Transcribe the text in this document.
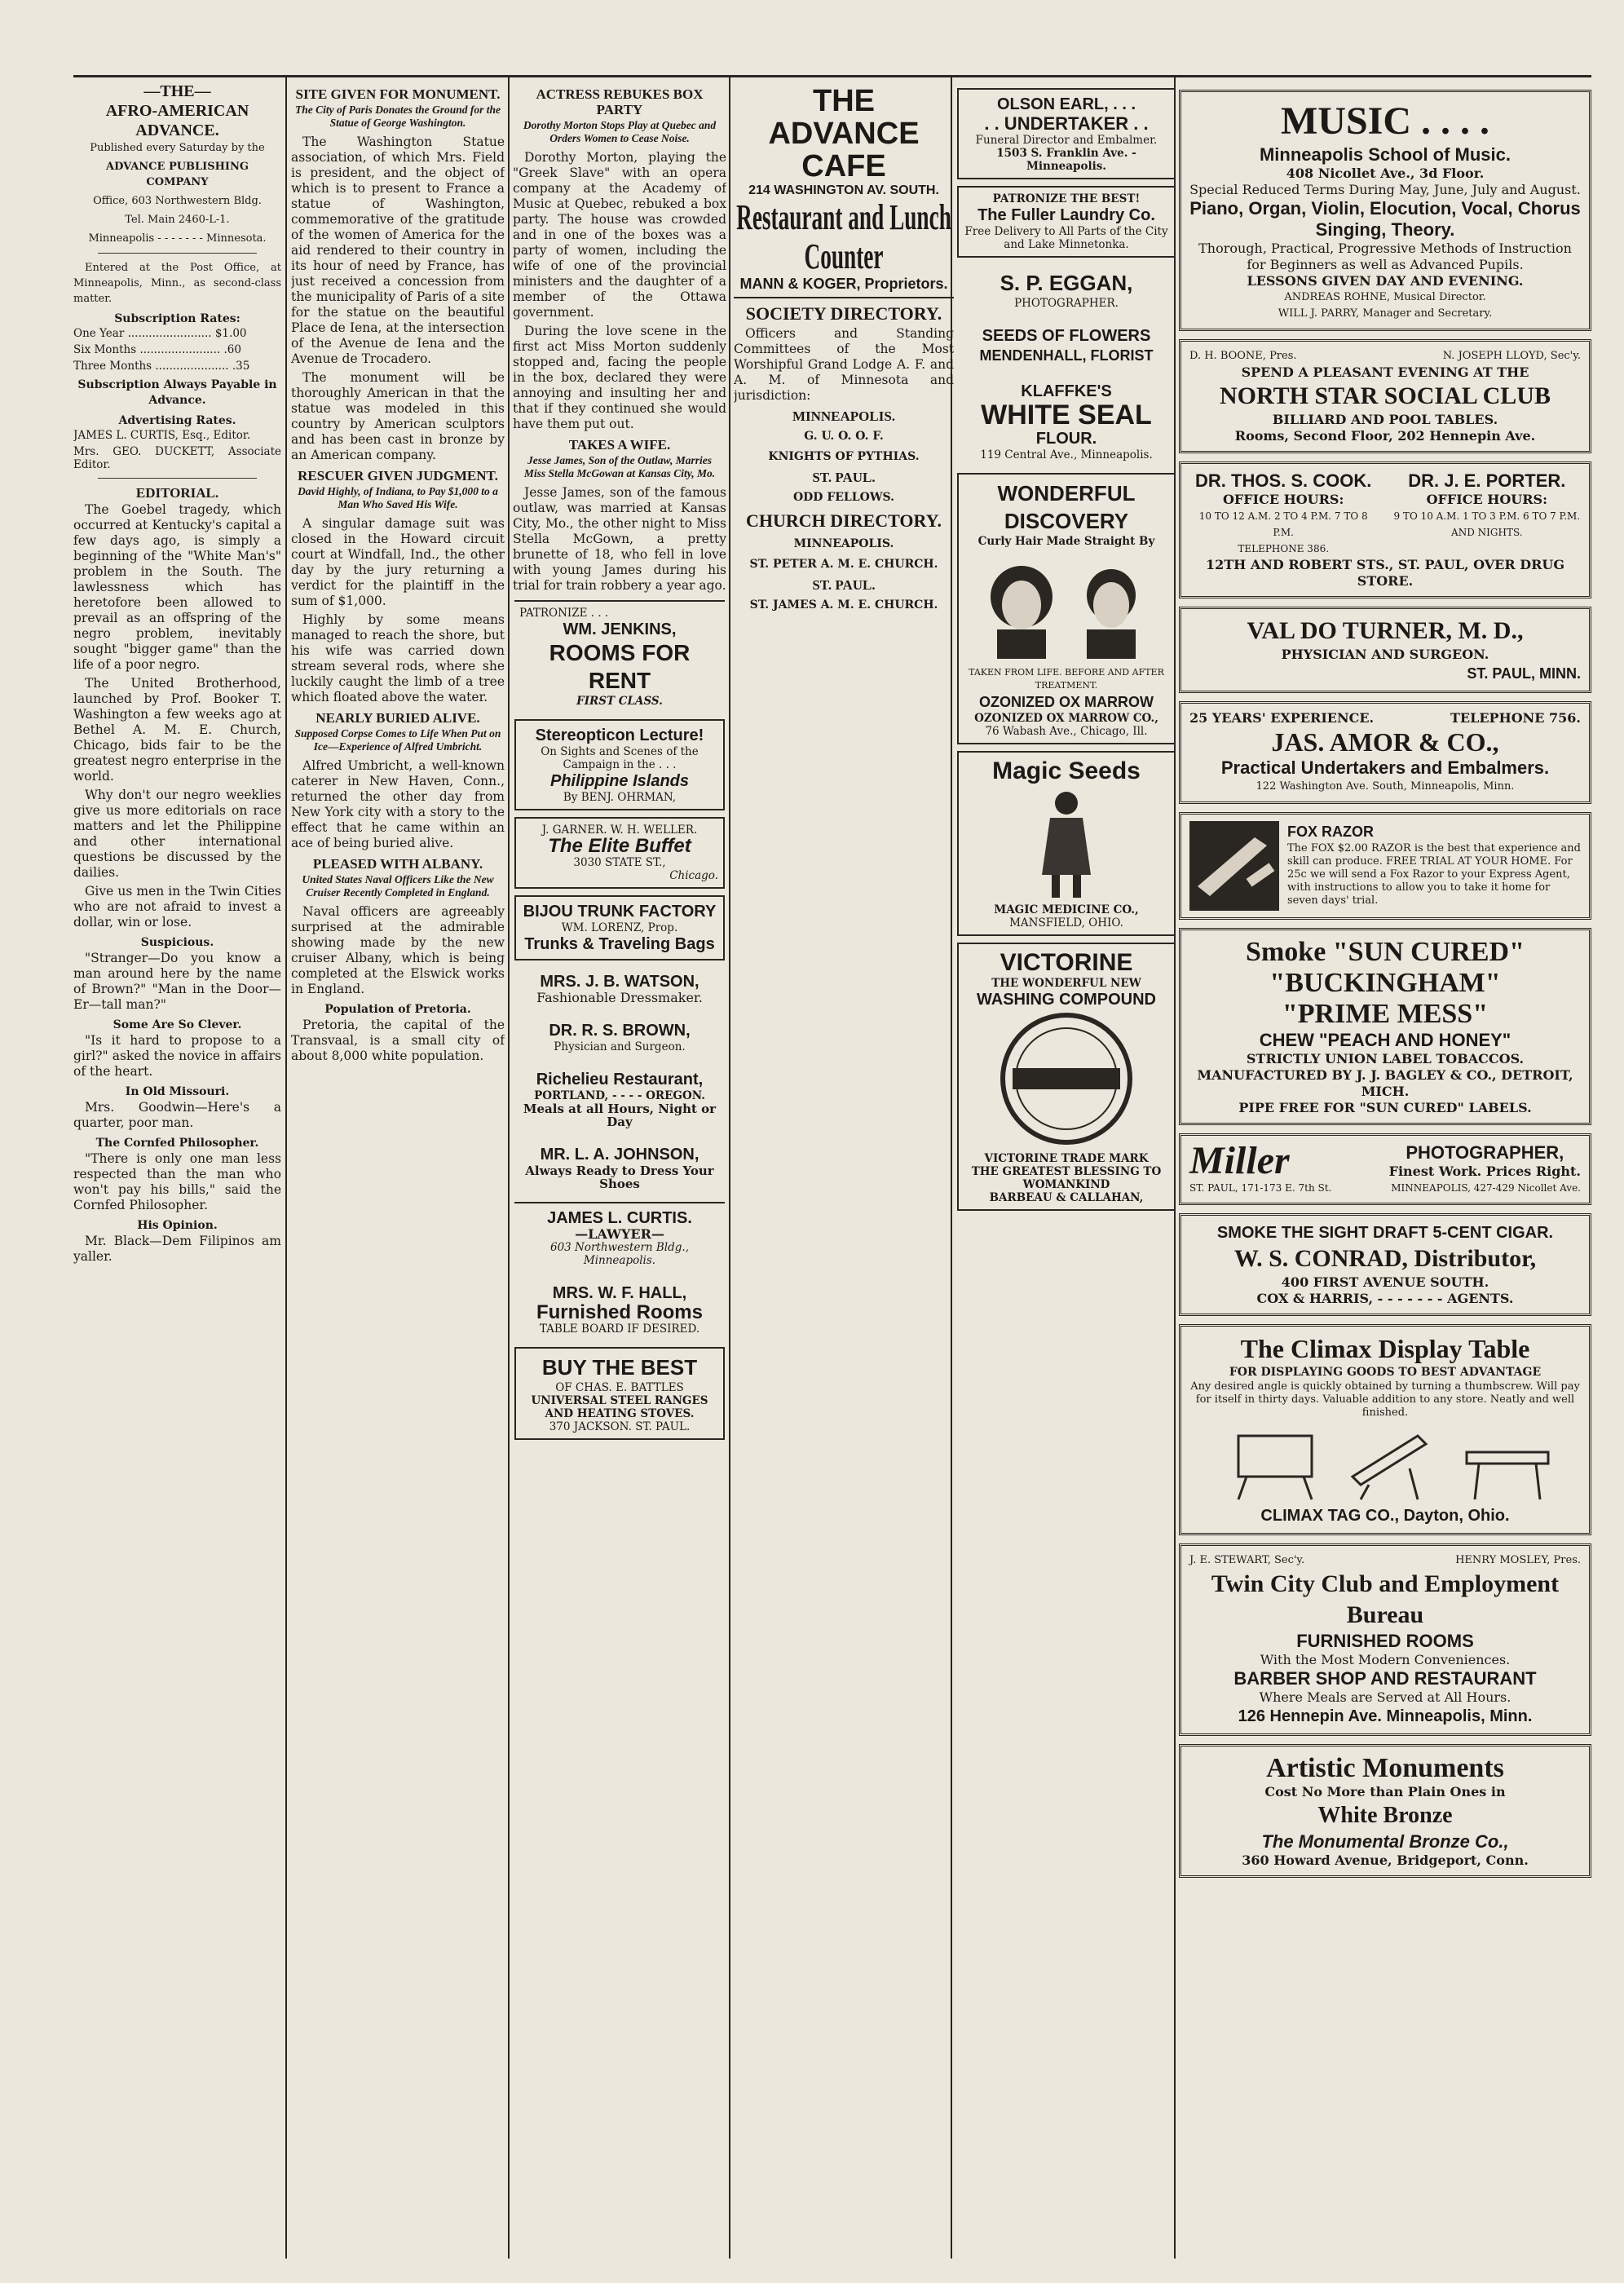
—THE—
AFRO-AMERICAN
ADVANCE.

Published every Saturday by the

ADVANCE PUBLISHING COMPANY

Office, 603 Northwestern Bldg.

Tel. Main 2460-L-1.

Minneapolis - - - - - - - Minnesota.

Entered at the Post Office, at Minneapolis, Minn., as second-class matter.

Subscription Rates:

One Year ........................ $1.00

Six Months ....................... .60

Three Months ..................... .35

Subscription Always Payable in Advance.
Advertising Rates.

JAMES L. CURTIS, Esq., Editor.

Mrs. GEO. DUCKETT, Associate Editor.

EDITORIAL.

The Goebel tragedy, which occurred at Kentucky's capital a few days ago, is simply a beginning of the "White Man's" problem in the South. The lawlessness which has heretofore been allowed to prevail as an offspring of the negro problem, inevitably sought "bigger game" than the life of a poor negro.

The United Brotherhood, launched by Prof. Booker T. Washington a few weeks ago at Bethel A. M. E. Church, Chicago, bids fair to be the greatest negro enterprise in the world.

Why don't our negro weeklies give us more editorials on race matters and let the Philippine and other international questions be discussed by the dailies.

Give us men in the Twin Cities who are not afraid to invest a dollar, win or lose.

Suspicious.

"Stranger—Do you know a man around here by the name of Brown?" "Man in the Door—Er—tall man?"

Some Are So Clever.

"Is it hard to propose to a girl?" asked the novice in affairs of the heart.

In Old Missouri.

Mrs. Goodwin—Here's a quarter, poor man.

The Cornfed Philosopher.

"There is only one man less respected than the man who won't pay his bills," said the Cornfed Philosopher.

His Opinion.

Mr. Black—Dem Filipinos am yaller.

SITE GIVEN FOR MONUMENT.
The City of Paris Donates the Ground for the Statue of George Washington.

The Washington Statue association, of which Mrs. Field is president, and the object of which is to present to France a statue of Washington, commemorative of the gratitude of the women of America for the aid rendered to their country in its hour of need by France, has just received a concession from the municipality of Paris of a site for the statue on the beautiful Place de Iena, at the intersection of the Avenue de Iena and the Avenue de Trocadero.

The monument will be thoroughly American in that the statue was modeled in this country by American sculptors and has been cast in bronze by an American company.

RESCUER GIVEN JUDGMENT.
David Highly, of Indiana, to Pay $1,000 to a Man Who Saved His Wife.

A singular damage suit was closed in the Howard circuit court at Windfall, Ind., the other day by the jury returning a verdict for the plaintiff in the sum of $1,000.

Highly by some means managed to reach the shore, but his wife was carried down stream several rods, where she luckily caught the limb of a tree which floated above the water.

NEARLY BURIED ALIVE.
Supposed Corpse Comes to Life When Put on Ice—Experience of Alfred Umbricht.

Alfred Umbricht, a well-known caterer in New Haven, Conn., returned the other day from New York city with a story to the effect that he came within an ace of being buried alive.

PLEASED WITH ALBANY.
United States Naval Officers Like the New Cruiser Recently Completed in England.

Naval officers are agreeably surprised at the admirable showing made by the new cruiser Albany, which is being completed at the Elswick works in England.

Population of Pretoria.

Pretoria, the capital of the Transvaal, is a small city of about 8,000 white population.

ACTRESS REBUKES BOX PARTY
Dorothy Morton Stops Play at Quebec and Orders Women to Cease Noise.

Dorothy Morton, playing the "Greek Slave" with an opera company at the Academy of Music at Quebec, rebuked a box party. The house was crowded and in one of the boxes was a party of women, including the wife of one of the provincial ministers and the daughter of a member of the Ottawa government.

During the love scene in the first act Miss Morton suddenly stopped and, facing the people in the box, declared they were annoying and insulting her and that if they continued she would have them put out.

TAKES A WIFE.
Jesse James, Son of the Outlaw, Marries Miss Stella McGowan at Kansas City, Mo.

Jesse James, son of the famous outlaw, was married at Kansas City, Mo., the other night to Miss Stella McGown, a pretty brunette of 18, who fell in love with young James during his trial for train robbery a year ago.

PATRONIZE . . .
WM. JENKINS,
ROOMS FOR RENT
FIRST CLASS.
Stereopticon Lecture!
On Sights and Scenes of the Campaign in the . . .
Philippine Islands
By BENJ. OHRMAN,
J. GARNER. W. H. WELLER.
The Elite Buffet
3030 STATE ST.,
Chicago.
BIJOU TRUNK FACTORY
WM. LORENZ, Prop.
Trunks & Traveling Bags
MRS. J. B. WATSON,
Fashionable Dressmaker.
DR. R. S. BROWN,
Physician and Surgeon.
Richelieu Restaurant,
PORTLAND, - - - - OREGON.
Meals at all Hours, Night or Day
MR. L. A. JOHNSON,
Always Ready to Dress Your Shoes
JAMES L. CURTIS.
—LAWYER—
603 Northwestern Bldg., Minneapolis.
MRS. W. F. HALL,
Furnished Rooms
TABLE BOARD IF DESIRED.
BUY THE BEST
OF CHAS. E. BATTLES
UNIVERSAL STEEL RANGES AND HEATING STOVES.
370 JACKSON. ST. PAUL.
THE ADVANCE CAFE
214 WASHINGTON AV. SOUTH.
Restaurant and Lunch Counter
MANN & KOGER, Proprietors.
SOCIETY DIRECTORY.

Officers and Standing Committees of the Most Worshipful Grand Lodge A. F. and A. M. of Minnesota and jurisdiction:

MINNEAPOLIS.
G. U. O. O. F.
KNIGHTS OF PYTHIAS.
ST. PAUL.
ODD FELLOWS.
CHURCH DIRECTORY.
MINNEAPOLIS.
ST. PETER A. M. E. CHURCH.
ST. PAUL.
ST. JAMES A. M. E. CHURCH.
OLSON EARL, . . .
. . UNDERTAKER . .
Funeral Director and Embalmer.
1503 S. Franklin Ave. - Minneapolis.
PATRONIZE THE BEST!
The Fuller Laundry Co.
Free Delivery to All Parts of the City and Lake Minnetonka.
S. P. EGGAN,
PHOTOGRAPHER.
SEEDS OF FLOWERS
MENDENHALL, FLORIST
KLAFFKE'S
WHITE SEAL
FLOUR.
119 Central Ave., Minneapolis.
WONDERFUL
DISCOVERY
Curly Hair Made Straight By
TAKEN FROM LIFE. BEFORE AND AFTER TREATMENT.
OZONIZED OX MARROW
OZONIZED OX MARROW CO.,
76 Wabash Ave., Chicago, Ill.
Magic Seeds
MAGIC MEDICINE CO.,
MANSFIELD, OHIO.
VICTORINE
THE WONDERFUL NEW
WASHING COMPOUND
VICTORINE TRADE MARK
THE GREATEST BLESSING TO WOMANKIND
BARBEAU & CALLAHAN,
MUSIC . . . .
Minneapolis School of Music.
408 Nicollet Ave., 3d Floor.
Special Reduced Terms During May, June, July and August.
Piano, Organ, Violin, Elocution, Vocal, Chorus Singing, Theory.
Thorough, Practical, Progressive Methods of Instruction for Beginners as well as Advanced Pupils.
LESSONS GIVEN DAY AND EVENING.
ANDREAS ROHNE, Musical Director.
WILL J. PARRY, Manager and Secretary.
D. H. BOONE, Pres.	N. JOSEPH LLOYD, Sec'y.
SPEND A PLEASANT EVENING AT THE
NORTH STAR SOCIAL CLUB
BILLIARD AND POOL TABLES.
Rooms, Second Floor, 202 Hennepin Ave.
DR. THOS. S. COOK.
OFFICE HOURS:
10 TO 12 A.M. 2 TO 4 P.M. 7 TO 8 P.M.
TELEPHONE 386.
DR. J. E. PORTER.
OFFICE HOURS:
9 TO 10 A.M. 1 TO 3 P.M. 6 TO 7 P.M. AND NIGHTS.
12TH AND ROBERT STS., ST. PAUL, OVER DRUG STORE.
VAL DO TURNER, M. D.,
PHYSICIAN AND SURGEON.
ST. PAUL, MINN.
25 YEARS' EXPERIENCE.	TELEPHONE 756.
JAS. AMOR & CO.,
Practical Undertakers and Embalmers.
122 Washington Ave. South, Minneapolis, Minn.
FOX RAZOR
The FOX $2.00 RAZOR is the best that experience and skill can produce. FREE TRIAL AT YOUR HOME. For 25c we will send a Fox Razor to your Express Agent, with instructions to allow you to take it home for seven days' trial.
Smoke "SUN CURED"
"BUCKINGHAM"
"PRIME MESS"
CHEW "PEACH AND HONEY"
STRICTLY UNION LABEL TOBACCOS.
MANUFACTURED BY J. J. BAGLEY & CO., DETROIT, MICH.
PIPE FREE FOR "SUN CURED" LABELS.
Miller	PHOTOGRAPHER,
Finest Work. Prices Right.
ST. PAUL, 171-173 E. 7th St.	MINNEAPOLIS, 427-429 Nicollet Ave.
SMOKE THE SIGHT DRAFT 5-CENT CIGAR.
W. S. CONRAD, Distributor,
400 FIRST AVENUE SOUTH.
COX & HARRIS, - - - - - - - AGENTS.
The Climax Display Table
FOR DISPLAYING GOODS TO BEST ADVANTAGE
Any desired angle is quickly obtained by turning a thumbscrew. Will pay for itself in thirty days. Valuable addition to any store. Neatly and well finished.
CLIMAX TAG CO., Dayton, Ohio.
J. E. STEWART, Sec'y.	HENRY MOSLEY, Pres.
Twin City Club and Employment Bureau
FURNISHED ROOMS
With the Most Modern Conveniences.
BARBER SHOP AND RESTAURANT
Where Meals are Served at All Hours.
126 Hennepin Ave. Minneapolis, Minn.
Artistic Monuments
Cost No More than Plain Ones in
White Bronze
The Monumental Bronze Co.,
360 Howard Avenue, Bridgeport, Conn.
